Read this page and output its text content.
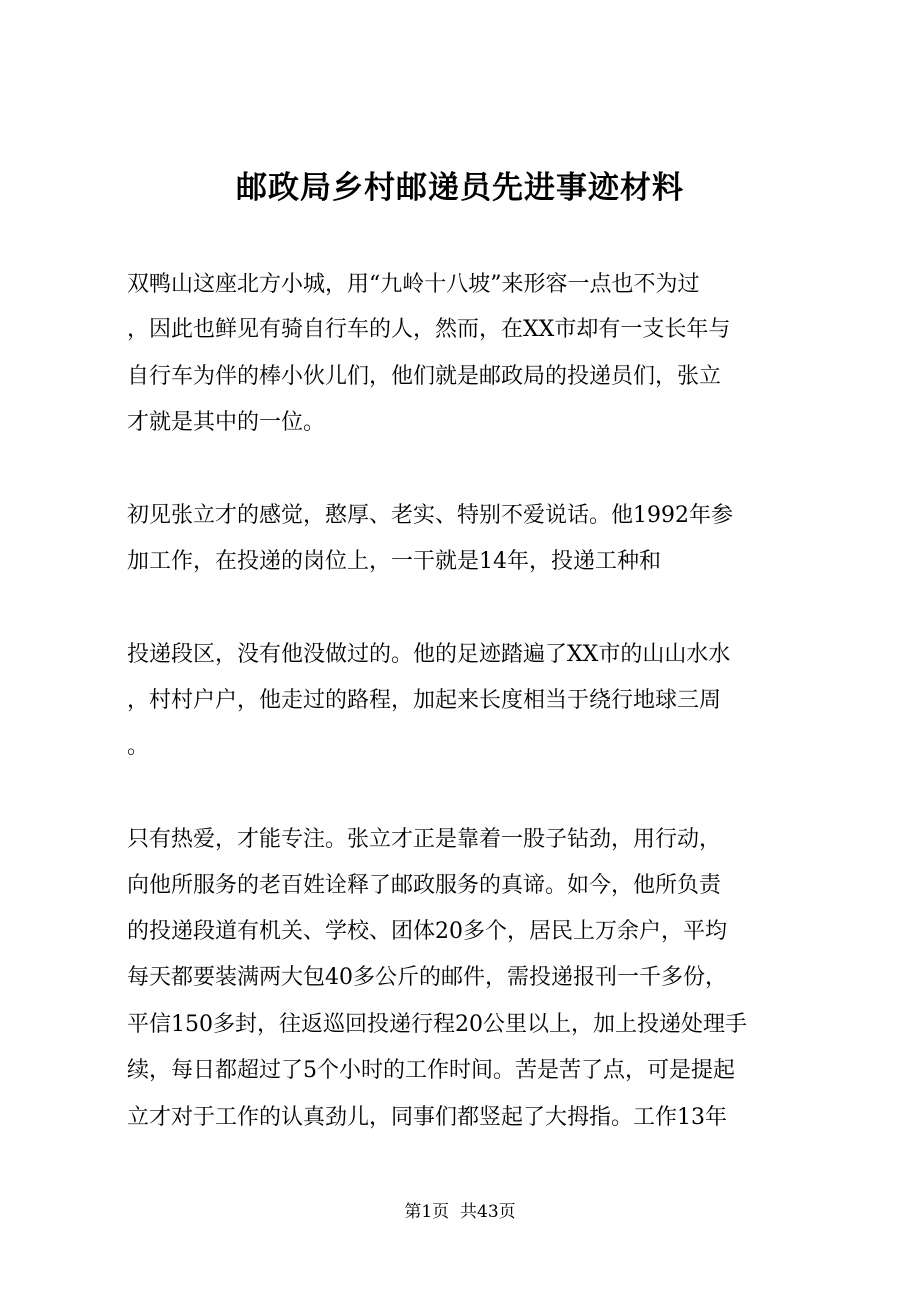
邮政局乡村邮递员先进事迹材料
双鸭山这座北方小城，用“九岭十八坡”来形容一点也不为过
，因此也鲜见有骑自行车的人，然而，在XX市却有一支长年与
自行车为伴的棒小伙儿们，他们就是邮政局的投递员们，张立
才就是其中的一位。
初见张立才的感觉，憨厚、老实、特别不爱说话。他1992年参
加工作，在投递的岗位上，一干就是14年，投递工种和
投递段区，没有他没做过的。他的足迹踏遍了XX市的山山水水
，村村户户，他走过的路程，加起来长度相当于绕行地球三周
。
只有热爱，才能专注。张立才正是靠着一股子钻劲，用行动，
向他所服务的老百姓诠释了邮政服务的真谛。如今，他所负责
的投递段道有机关、学校、团体20多个，居民上万余户，平均
每天都要装满两大包40多公斤的邮件，需投递报刊一千多份，
平信150多封，往返巡回投递行程20公里以上，加上投递处理手
续，每日都超过了5个小时的工作时间。苦是苦了点，可是提起
立才对于工作的认真劲儿，同事们都竖起了大拇指。工作13年
第1页 共43页
